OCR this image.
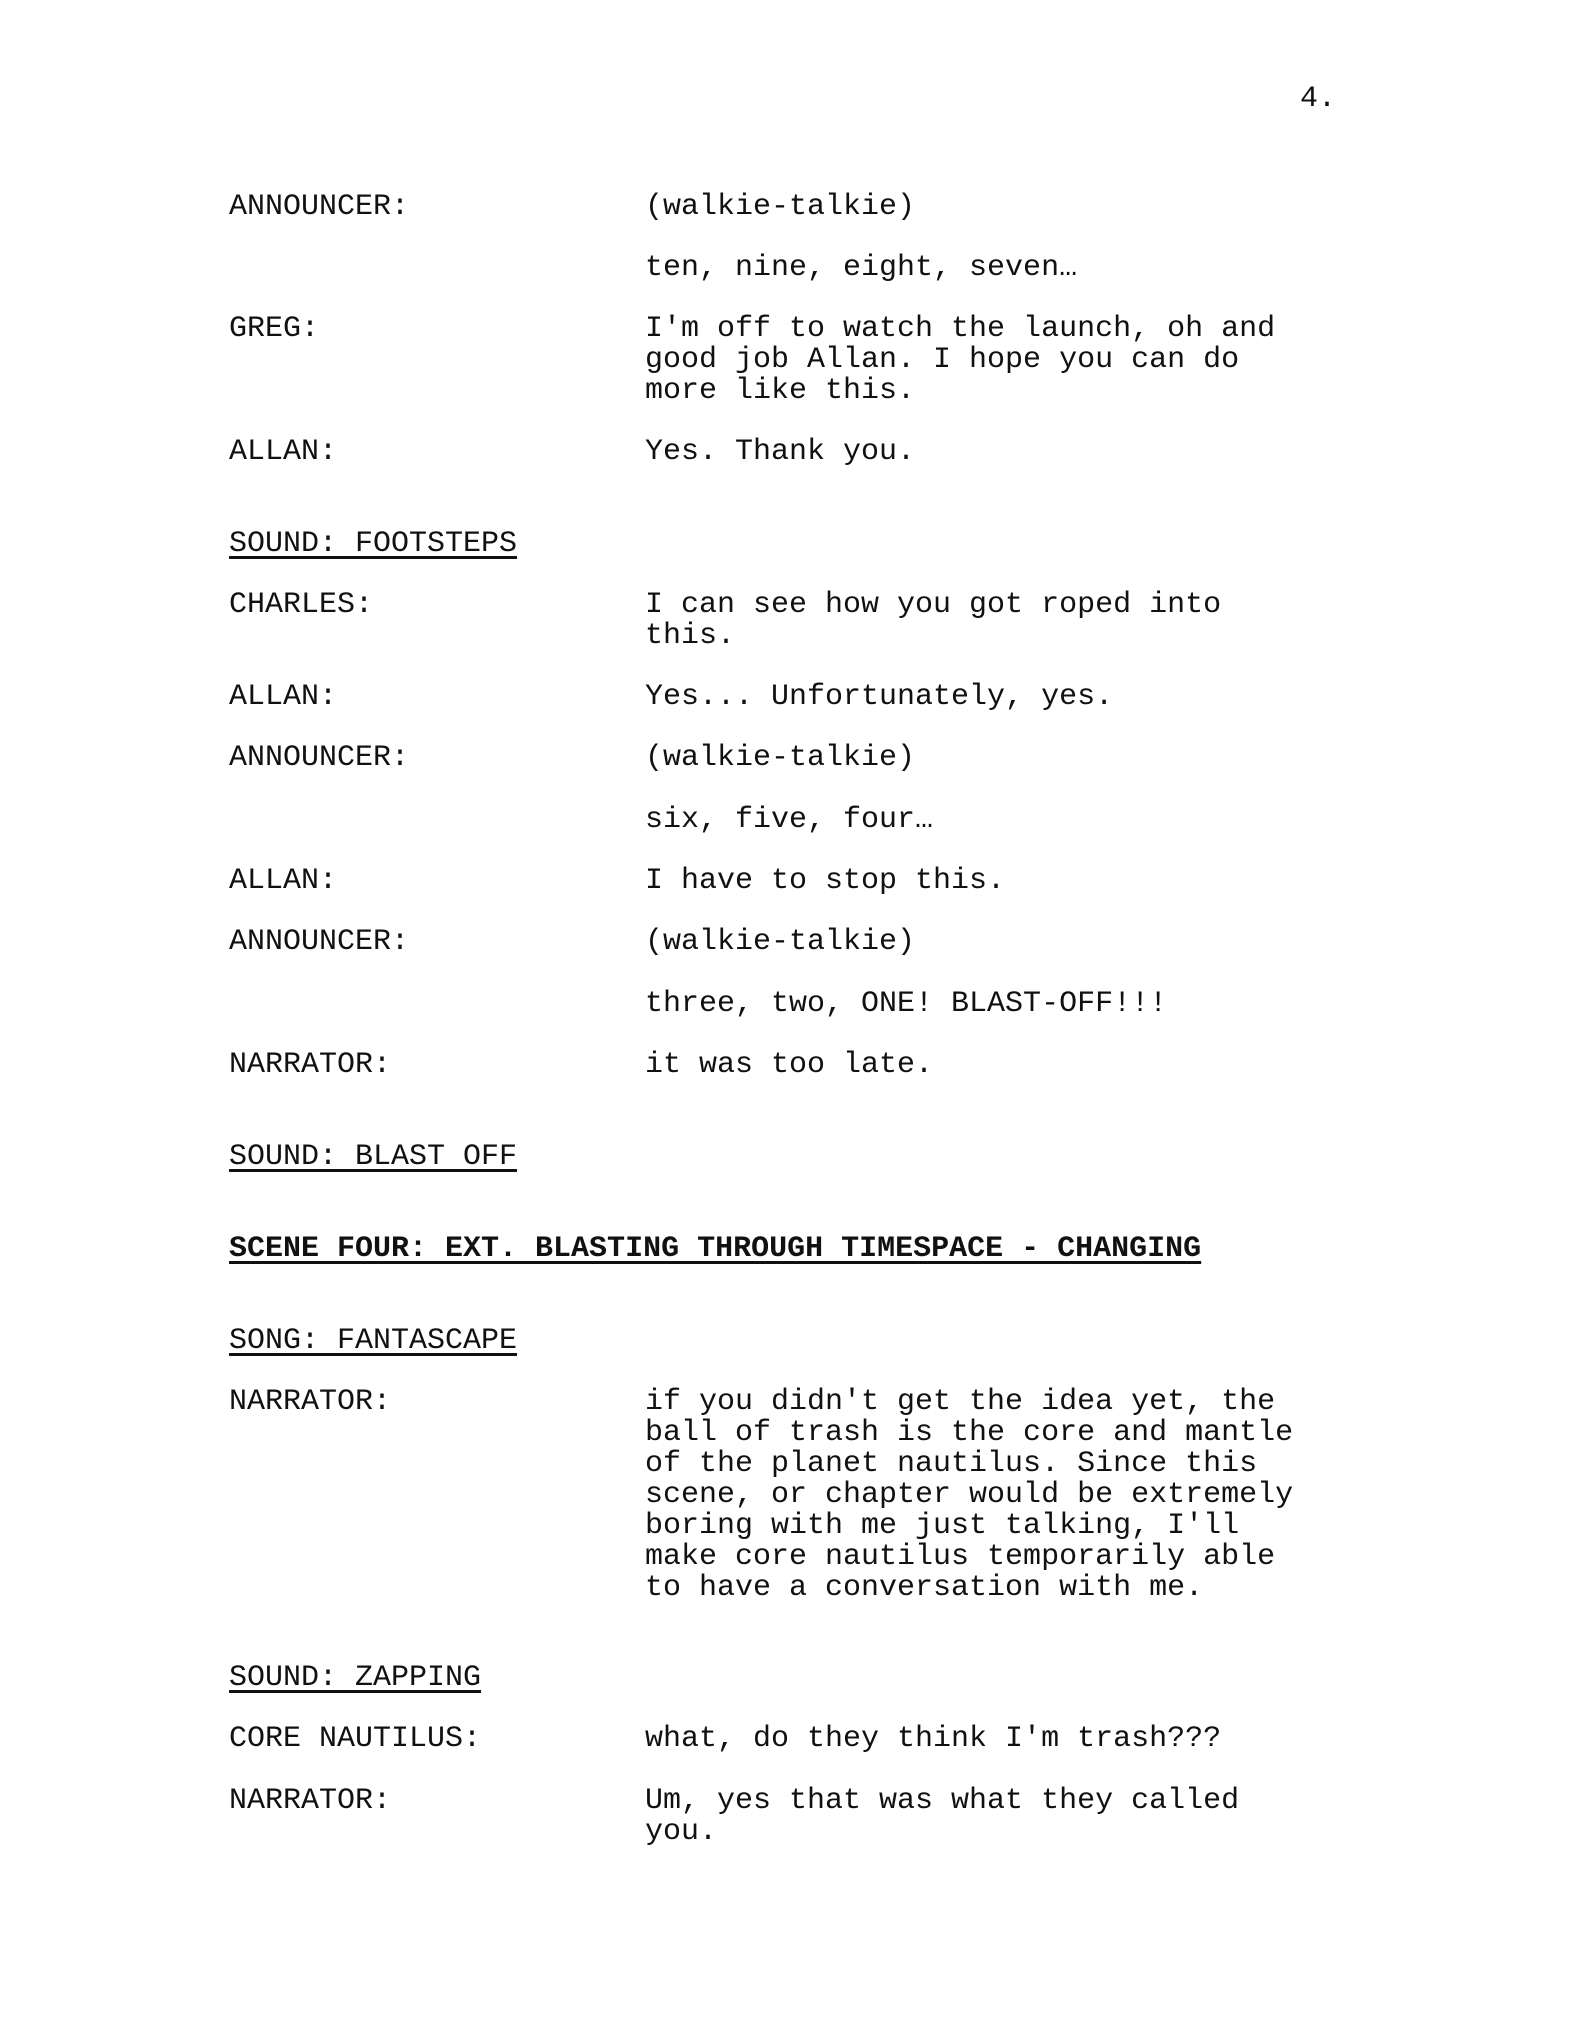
4.
ANNOUNCER:	(walkie-talkie)
ten, nine, eight, seven…
GREG:	I'm off to watch the launch, oh and
good job Allan. I hope you can do
more like this.
ALLAN:	Yes. Thank you.
SOUND: FOOTSTEPS
CHARLES:	I can see how you got roped into
this.
ALLAN:	Yes... Unfortunately, yes.
ANNOUNCER:	(walkie-talkie)
six, five, four…
ALLAN:	I have to stop this.
ANNOUNCER:	(walkie-talkie)
three, two, ONE! BLAST-OFF!!!
NARRATOR:	it was too late.
SOUND: BLAST OFF
SCENE FOUR: EXT. BLASTING THROUGH TIMESPACE - CHANGING
SONG: FANTASCAPE
NARRATOR:	if you didn't get the idea yet, the
ball of trash is the core and mantle
of the planet nautilus. Since this
scene, or chapter would be extremely
boring with me just talking, I'll
make core nautilus temporarily able
to have a conversation with me.
SOUND: ZAPPING
CORE NAUTILUS:	what, do they think I'm trash???
NARRATOR:	Um, yes that was what they called
you.
